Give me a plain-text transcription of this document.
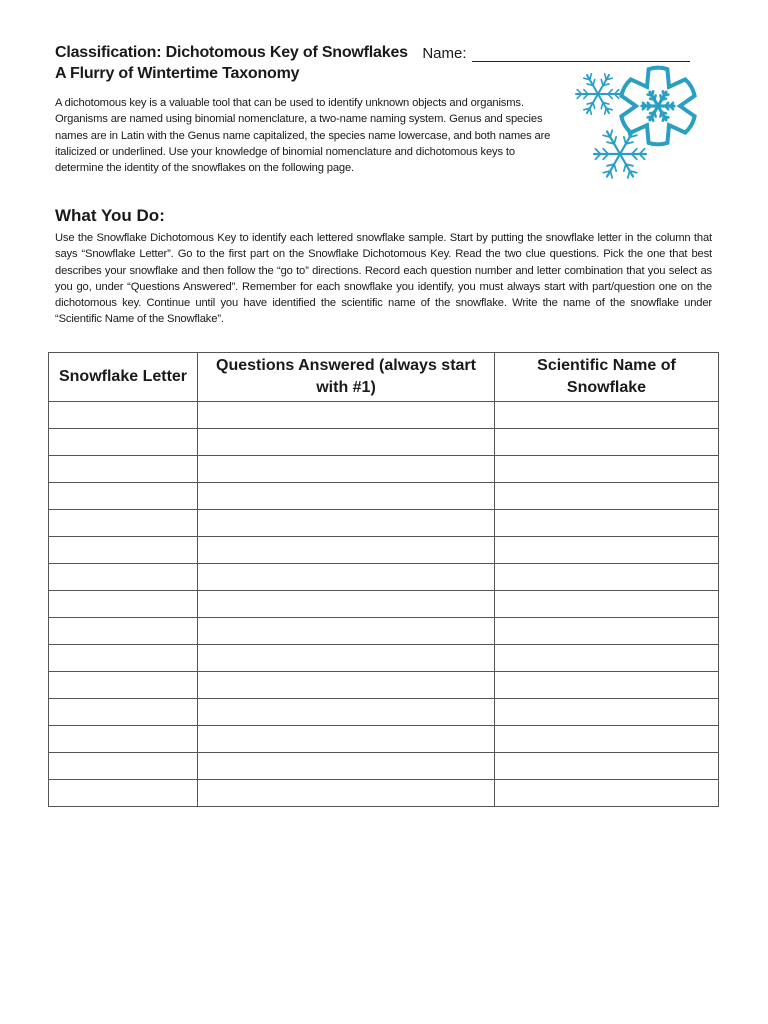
Classification: Dichotomous Key of Snowflakes Name:
A Flurry of Wintertime Taxonomy
A dichotomous key is a valuable tool that can be used to identify unknown objects and organisms. Organisms are named using binomial nomenclature, a two-name naming system. Genus and species names are in Latin with the Genus name capitalized, the species name lowercase, and both names are italicized or underlined. Use your knowledge of binomial nomenclature and dichotomous keys to determine the identity of the snowflakes on the following page.
What You Do:
Use the Snowflake Dichotomous Key to identify each lettered snowflake sample. Start by putting the snowflake letter in the column that says “Snowflake Letter”. Go to the first part on the Snowflake Dichotomous Key. Read the two clue questions. Pick the one that best describes your snowflake and then follow the “go to” directions. Record each question number and letter combination that you select as you go, under “Questions Answered”. Remember for each snowflake you identify, you must always start with part/question one on the dichotomous key. Continue until you have identified the scientific name of the snowflake. Write the name of the snowflake under “Scientific Name of the Snowflake”.
Snowflake Letter	Questions Answered (always start with #1)	Scientific Name of Snowflake
